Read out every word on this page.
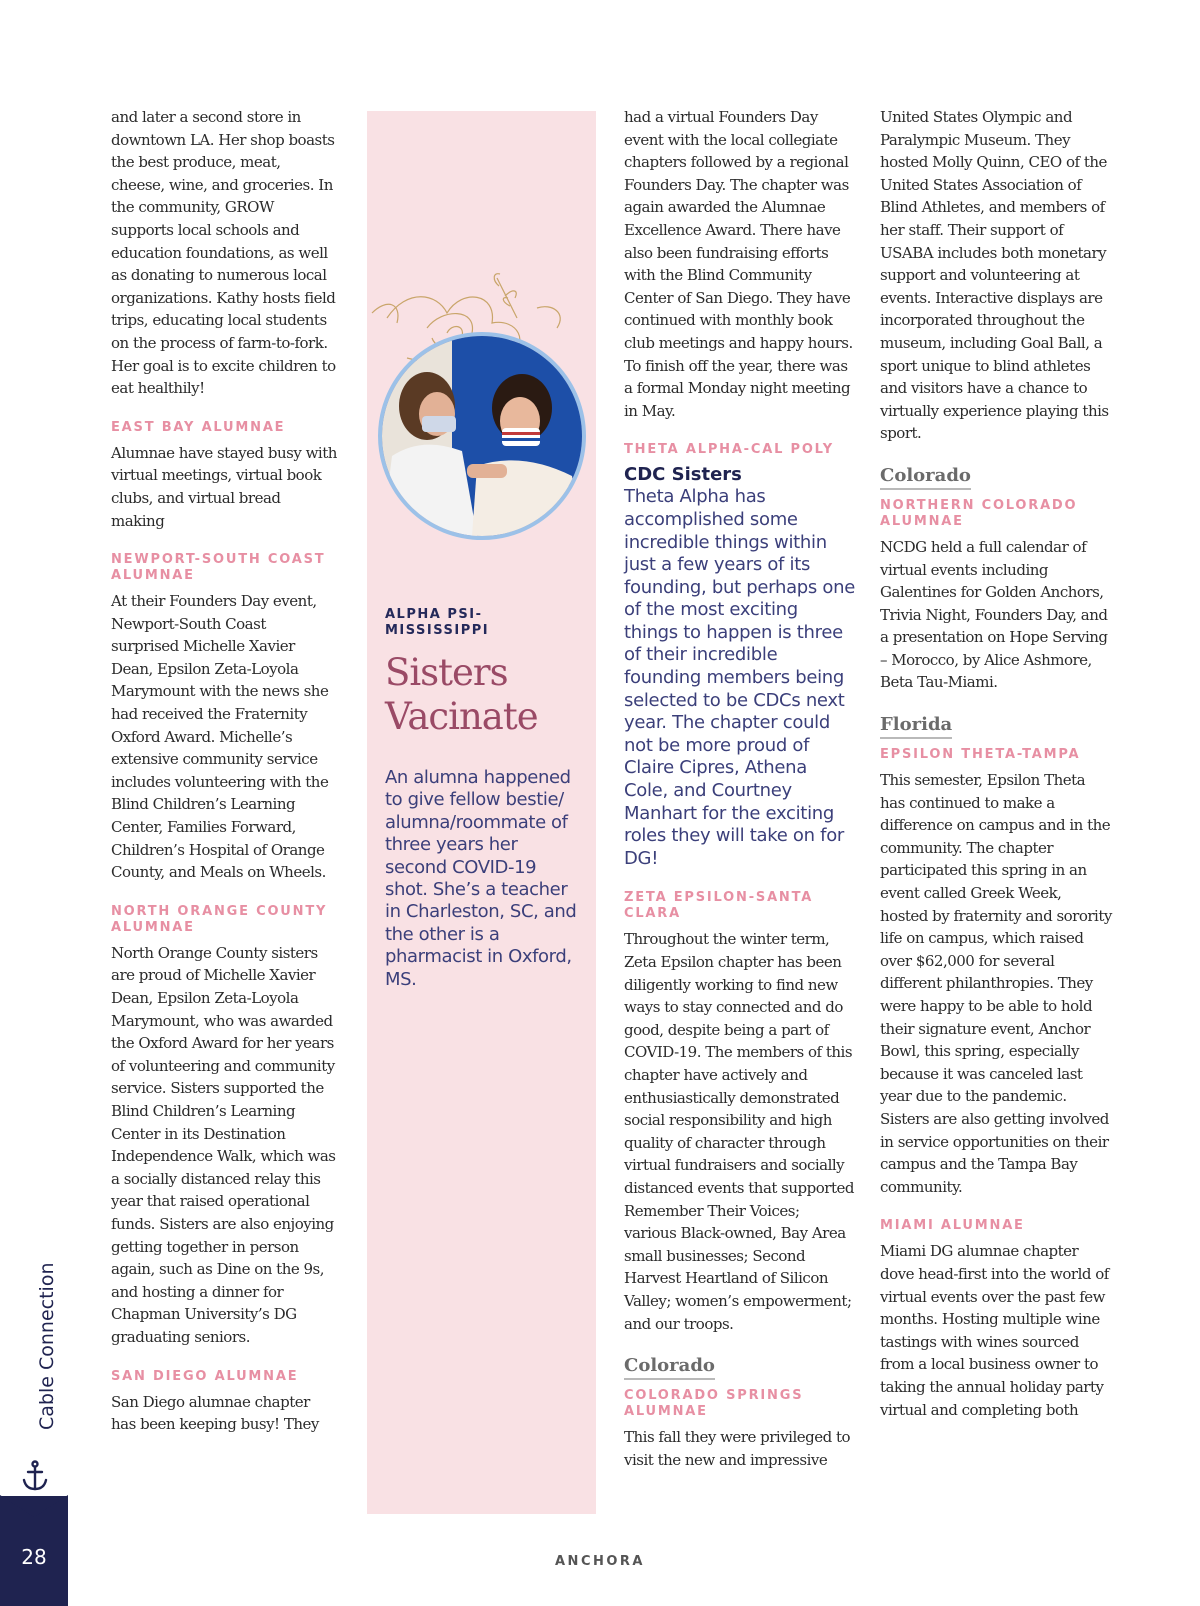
and later a second store in downtown LA. Her shop boasts the best produce, meat, cheese, wine, and groceries. In the community, GROW supports local schools and education foundations, as well as donating to numerous local organizations. Kathy hosts field trips, educating local students on the process of farm-to-fork. Her goal is to excite children to eat healthily!

EAST BAY ALUMNAE

Alumnae have stayed busy with virtual meetings, virtual book clubs, and virtual bread making

NEWPORT-SOUTH COAST ALUMNAE

At their Founders Day event, Newport-South Coast surprised Michelle Xavier Dean, Epsilon Zeta-Loyola Marymount with the news she had received the Fraternity Oxford Award. Michelle’s extensive community service includes volunteering with the Blind Children’s Learning Center, Families Forward, Children’s Hospital of Orange County, and Meals on Wheels.

NORTH ORANGE COUNTY ALUMNAE

North Orange County sisters are proud of Michelle Xavier Dean, Epsilon Zeta-Loyola Marymount, who was awarded the Oxford Award for her years of volunteering and community service. Sisters supported the Blind Children’s Learning Center in its Destination Independence Walk, which was a socially distanced relay this year that raised operational funds. Sisters are also enjoying getting together in person again, such as Dine on the 9s, and hosting a dinner for Chapman University’s DG graduating seniors.

SAN DIEGO ALUMNAE

San Diego alumnae chapter has been keeping busy! They

ALPHA PSI-MISSISSIPPI

Sisters
Vacinate

An alumna happened to give fellow bestie/ alumna/roommate of three years her second COVID-19 shot. She’s a teacher in Charleston, SC, and the other is a pharmacist in Oxford, MS.

had a virtual Founders Day event with the local collegiate chapters followed by a regional Founders Day. The chapter was again awarded the Alumnae Excellence Award. There have also been fundraising efforts with the Blind Community Center of San Diego. They have continued with monthly book club meetings and happy hours. To finish off the year, there was a formal Monday night meeting in May.

THETA ALPHA-CAL POLY

CDC Sisters

Theta Alpha has accomplished some incredible things within just a few years of its founding, but perhaps one of the most exciting things to happen is three of their incredible founding members being selected to be CDCs next year. The chapter could not be more proud of Claire Cipres, Athena Cole, and Courtney Manhart for the exciting roles they will take on for DG!

ZETA EPSILON-SANTA CLARA

Throughout the winter term, Zeta Epsilon chapter has been diligently working to find new ways to stay connected and do good, despite being a part of COVID-19. The members of this chapter have actively and enthusiastically demonstrated social responsibility and high quality of character through virtual fundraisers and socially distanced events that supported Remember Their Voices; various Black-owned, Bay Area small businesses; Second Harvest Heartland of Silicon Valley; women’s empowerment; and our troops.

Colorado
COLORADO SPRINGS ALUMNAE

This fall they were privileged to visit the new and impressive

United States Olympic and Paralympic Museum. They hosted Molly Quinn, CEO of the United States Association of Blind Athletes, and members of her staff. Their support of USABA includes both monetary support and volunteering at events. Interactive displays are incorporated throughout the museum, including Goal Ball, a sport unique to blind athletes and visitors have a chance to virtually experience playing this sport.

Colorado
NORTHERN COLORADO ALUMNAE

NCDG held a full calendar of virtual events including Galentines for Golden Anchors, Trivia Night, Founders Day, and a presentation on Hope Serving – Morocco, by Alice Ashmore, Beta Tau-Miami.

Florida
EPSILON THETA-TAMPA

This semester, Epsilon Theta has continued to make a difference on campus and in the community. The chapter participated this spring in an event called Greek Week, hosted by fraternity and sorority life on campus, which raised over $62,000 for several different philanthropies. They were happy to be able to hold their signature event, Anchor Bowl, this spring, especially because it was canceled last year due to the pandemic. Sisters are also getting involved in service opportunities on their campus and the Tampa Bay community.

MIAMI ALUMNAE

Miami DG alumnae chapter dove head-first into the world of virtual events over the past few months. Hosting multiple wine tastings with wines sourced from a local business owner to taking the annual holiday party virtual and completing both

Cable Connection
28	ANCHORA
